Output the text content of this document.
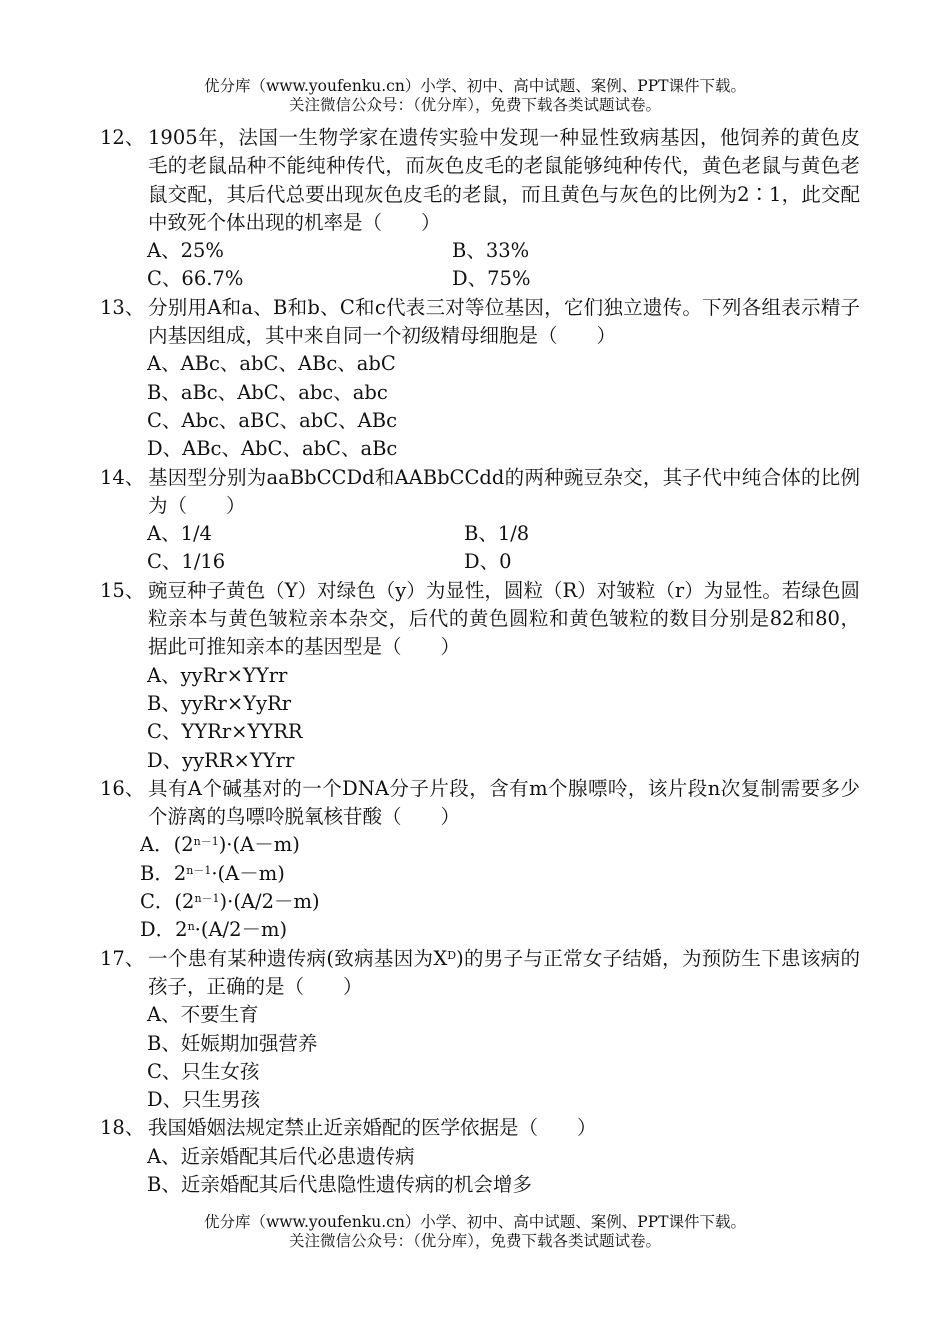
优分库（www.youfenku.cn）小学、初中、高中试题、案例、PPT课件下载。
关注微信公众号：（优分库），免费下载各类试题试卷。
12、 1905年，法国一生物学家在遗传实验中发现一种显性致病基因，他饲养的黄色皮毛的老鼠品种不能纯种传代，而灰色皮毛的老鼠能够纯种传代，黄色老鼠与黄色老鼠交配，其后代总要出现灰色皮毛的老鼠，而且黄色与灰色的比例为2∶1，此交配中致死个体出现的机率是（　　）
A、25%	B、33%
C、66.7%	D、75%
13、 分别用A和a、B和b、C和c代表三对等位基因，它们独立遗传。下列各组表示精子内基因组成，其中来自同一个初级精母细胞是（　　）
A、ABc、abC、ABc、abC
B、aBc、AbC、abc、abc
C、Abc、aBC、abC、ABc
D、ABc、AbC、abC、aBc
14、 基因型分别为aaBbCCDd和AABbCCdd的两种豌豆杂交，其子代中纯合体的比例为（　　）
A、1/4	B、1/8
C、1/16	D、0
15、 豌豆种子黄色（Y）对绿色（y）为显性，圆粒（R）对皱粒（r）为显性。若绿色圆粒亲本与黄色皱粒亲本杂交，后代的黄色圆粒和黄色皱粒的数目分别是82和80，据此可推知亲本的基因型是（　　）
A、yyRr×YYrr
B、yyRr×YyRr
C、YYRr×YYRR
D、yyRR×YYrr
16、 具有A个碱基对的一个DNA分子片段，含有m个腺嘌呤，该片段n次复制需要多少个游离的鸟嘌呤脱氧核苷酸（　　）
A．$(2^{n-1})\cdot(A-m)$
B．$2^{n-1}\cdot(A-m)$
C．$(2^{n-1})\cdot(A/2-m)$
D．$2^n\cdot(A/2-m)$
17、 一个患有某种遗传病(致病基因为$X^D$)的男子与正常女子结婚，为预防生下患该病的孩子，正确的是（　　）
A、不要生育
B、妊娠期加强营养
C、只生女孩
D、只生男孩
18、 我国婚姻法规定禁止近亲婚配的医学依据是（　　）
A、近亲婚配其后代必患遗传病
B、近亲婚配其后代患隐性遗传病的机会增多
优分库（www.youfenku.cn）小学、初中、高中试题、案例、PPT课件下载。
关注微信公众号：（优分库），免费下载各类试题试卷。
